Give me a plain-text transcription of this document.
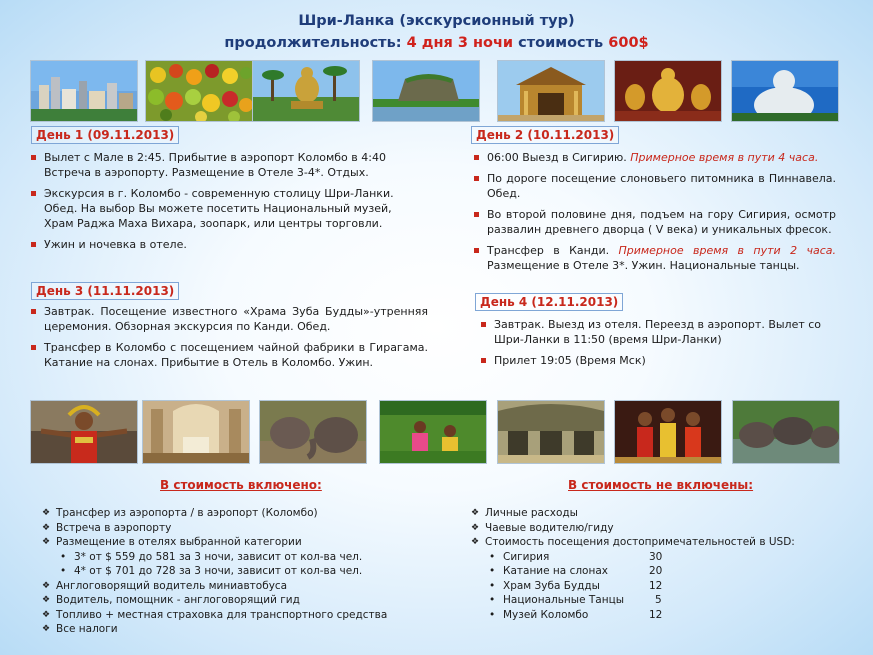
Шри-Ланка (экскурсионный тур)
продолжительность: 4 дня 3 ночи стоимость 600$
День 1 (09.11.2013)
Вылет с Мале в 2:45. Прибытие в аэропорт Коломбо в 4:40 Встреча в аэропорту. Размещение в Отеле 3-4*. Отдых.
Экскурсия в г. Коломбо - современную столицу Шри-Ланки. Обед. На выбор Вы можете посетить Национальный музей, Храм Раджа Маха Вихара, зоопарк, или центры торговли.
Ужин и ночевка в отеле.
День 2 (10.11.2013)
06:00 Выезд в Сигирию. Примерное время в пути 4 часа.
По дороге посещение слоновьего питомника в Пиннавела. Обед.
Во второй половине дня, подъем на гору Сигирия, осмотр развалин древнего дворца ( V века) и уникальных фресок.
Трансфер в Канди. Примерное время в пути 2 часа. Размещение в Отеле 3*. Ужин. Национальные танцы.
День 3 (11.11.2013)
Завтрак. Посещение известного «Храма Зуба Будды»-утренняя церемония. Обзорная экскурсия по Канди. Обед.
Трансфер в Коломбо с посещением чайной фабрики в Гирагама. Катание на слонах. Прибытие в Отель в Коломбо. Ужин.
День 4 (12.11.2013)
Завтрак. Выезд из отеля. Переезд в аэропорт. Вылет со Шри-Ланки в 11:50 (время Шри-Ланки)
Прилет 19:05 (Время Мск)
В стоимость включено:
❖ Трансфер из аэропорта / в аэропорт (Коломбо)
❖ Встреча в аэропорту
❖ Размещение в отелях выбранной категории
• 3* от $ 559 до 581 за 3 ночи, зависит от кол-ва чел.
• 4* от $ 701 до 728 за 3 ночи, зависит от кол-ва чел.
❖ Англоговорящий водитель миниавтобуса
❖ Водитель, помощник - англоговорящий гид
❖ Топливо + местная страховка для транспортного средства
❖ Все налоги
В стоимость не включены:
❖ Личные расходы
❖ Чаевые водителю/гиду
❖ Стоимость посещения достопримечательностей в USD:
• Сигирия	30
• Катание на слонах	20
• Храм Зуба Будды	12
• Национальные Танцы	5
• Музей Коломбо	12
